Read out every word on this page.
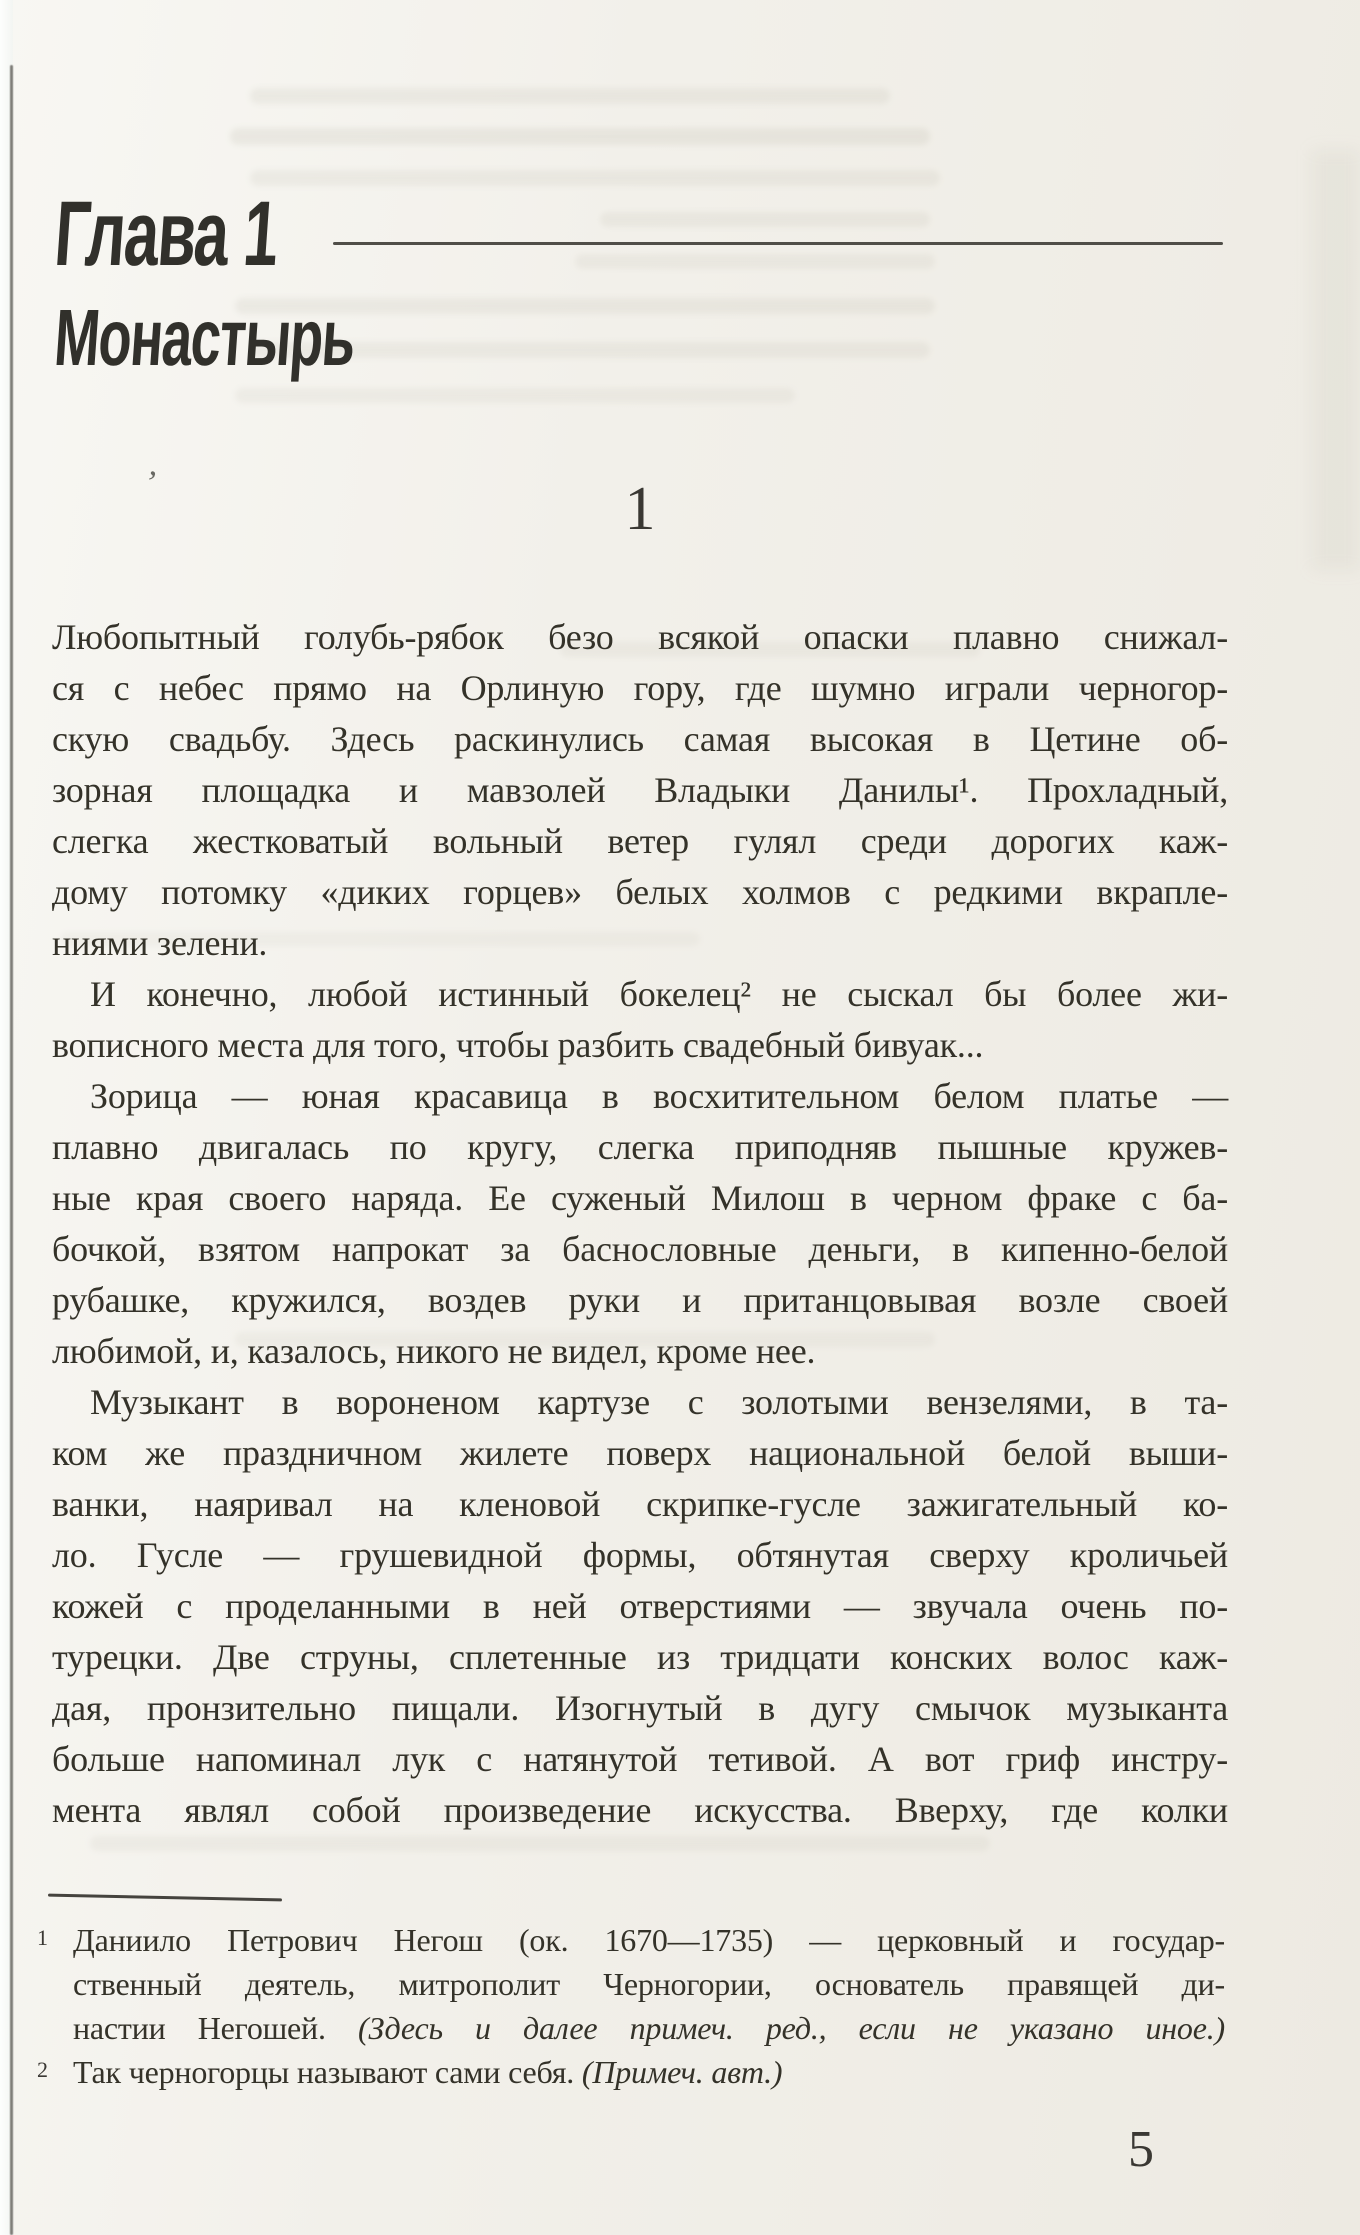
,
Глава 1
Монастырь
1
Любопытный голубь-рябок безо всякой опаски плавно снижал-
ся с небес прямо на Орлиную гору, где шумно играли черногор-
скую свадьбу. Здесь раскинулись самая высокая в Цетине об-
зорная площадка и мавзолей Владыки Данилы¹. Прохладный,
слегка жестковатый вольный ветер гулял среди дорогих каж-
дому потомку «диких горцев» белых холмов с редкими вкрапле-
ниями зелени.
И конечно, любой истинный бокелец² не сыскал бы более жи-
вописного места для того, чтобы разбить свадебный бивуак...
Зорица — юная красавица в восхитительном белом платье —
плавно двигалась по кругу, слегка приподняв пышные кружев-
ные края своего наряда. Ее суженый Милош в черном фраке с ба-
бочкой, взятом напрокат за баснословные деньги, в кипенно-белой
рубашке, кружился, воздев руки и пританцовывая возле своей
любимой, и, казалось, никого не видел, кроме нее.
Музыкант в вороненом картузе с золотыми вензелями, в та-
ком же праздничном жилете поверх национальной белой выши-
ванки, наяривал на кленовой скрипке-гусле зажигательный ко-
ло. Гусле — грушевидной формы, обтянутая сверху кроличьей
кожей с проделанными в ней отверстиями — звучала очень по-
турецки. Две струны, сплетенные из тридцати конских волос каж-
дая, пронзительно пищали. Изогнутый в дугу смычок музыканта
больше напоминал лук с натянутой тетивой. А вот гриф инстру-
мента являл собой произведение искусства. Вверху, где колки
1 Даниило Петрович Негош (ок. 1670—1735) — церковный и государ-
ственный деятель, митрополит Черногории, основатель правящей ди-
настии Негошей. (Здесь и далее примеч. ред., если не указано иное.)
2 Так черногорцы называют сами себя. (Примеч. авт.)
5
